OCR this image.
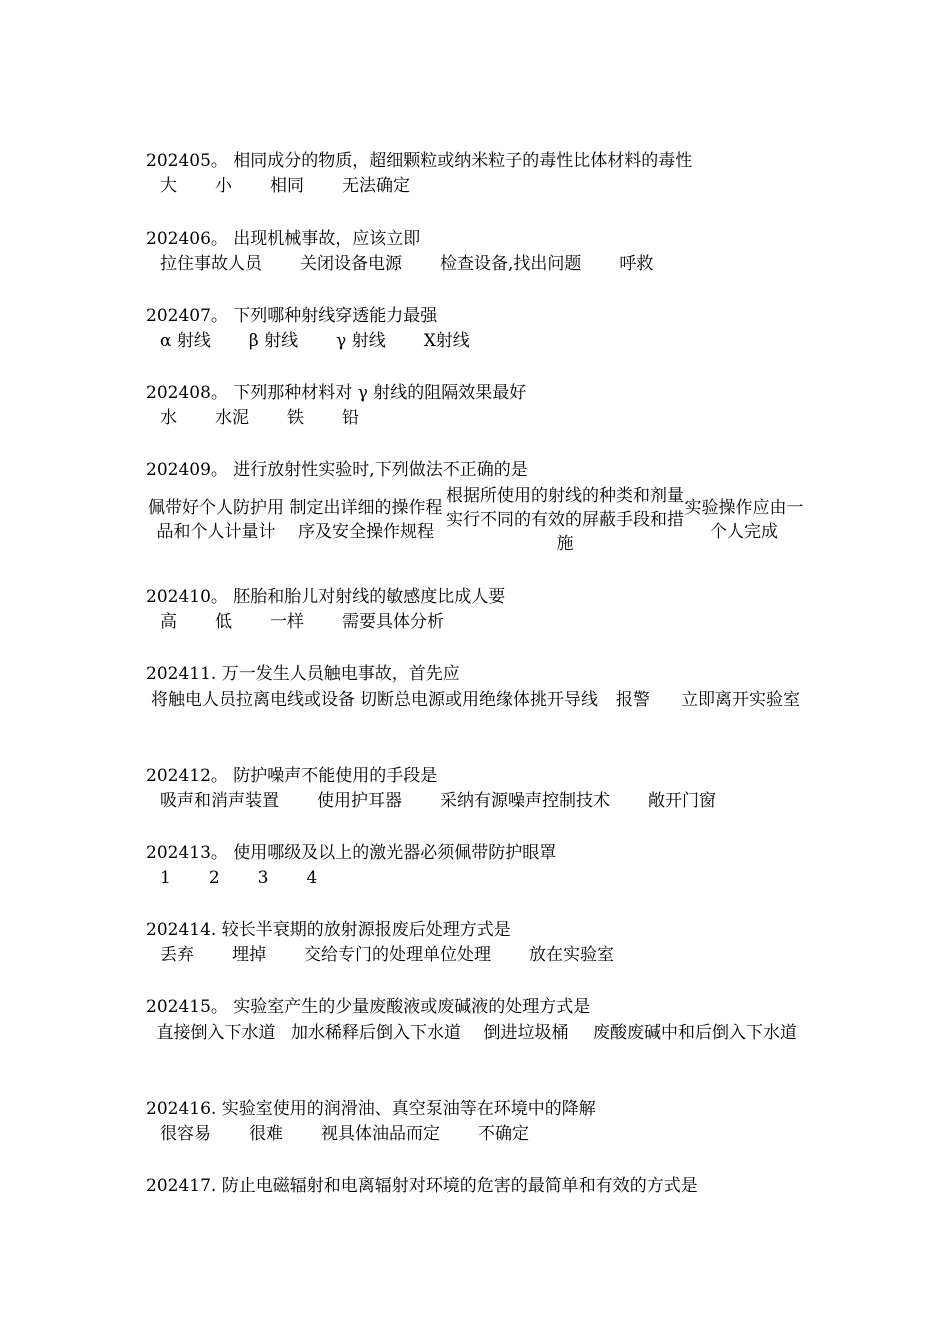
202405。 相同成分的物质，超细颗粒或纳米粒子的毒性比体材料的毒性
大	小	相同	无法确定
202406。 出现机械事故，应该立即
拉住事故人员	关闭设备电源	检查设备,找出问题	呼救
202407。 下列哪种射线穿透能力最强
α 射线	β 射线	γ 射线	X射线
202408。 下列那种材料对 γ 射线的阻隔效果最好
水	水泥	铁	铅
202409。 进行放射性实验时,下列做法不正确的是
佩带好个人防护用品和个人计量计
制定出详细的操作程序及安全操作规程
根据所使用的射线的种类和剂量实行不同的有效的屏蔽手段和措施
实验操作应由一个人完成
202410。 胚胎和胎儿对射线的敏感度比成人要
高	低	一样	需要具体分析
202411. 万一发生人员触电事故，首先应
将触电人员拉离电线或设备 切断总电源或用绝缘体挑开导线	报警	立即离开实验室
202412。 防护噪声不能使用的手段是
吸声和消声装置	使用护耳器	采纳有源噪声控制技术	敞开门窗
202413。 使用哪级及以上的激光器必须佩带防护眼罩
1	2	3	4
202414. 较长半衰期的放射源报废后处理方式是
丢弃	埋掉	交给专门的处理单位处理	放在实验室
202415。 实验室产生的少量废酸液或废碱液的处理方式是
直接倒入下水道 加水稀释后倒入下水道	倒进垃圾桶	废酸废碱中和后倒入下水道
202416. 实验室使用的润滑油、真空泵油等在环境中的降解
很容易	很难	视具体油品而定	不确定
202417. 防止电磁辐射和电离辐射对环境的危害的最简单和有效的方式是
